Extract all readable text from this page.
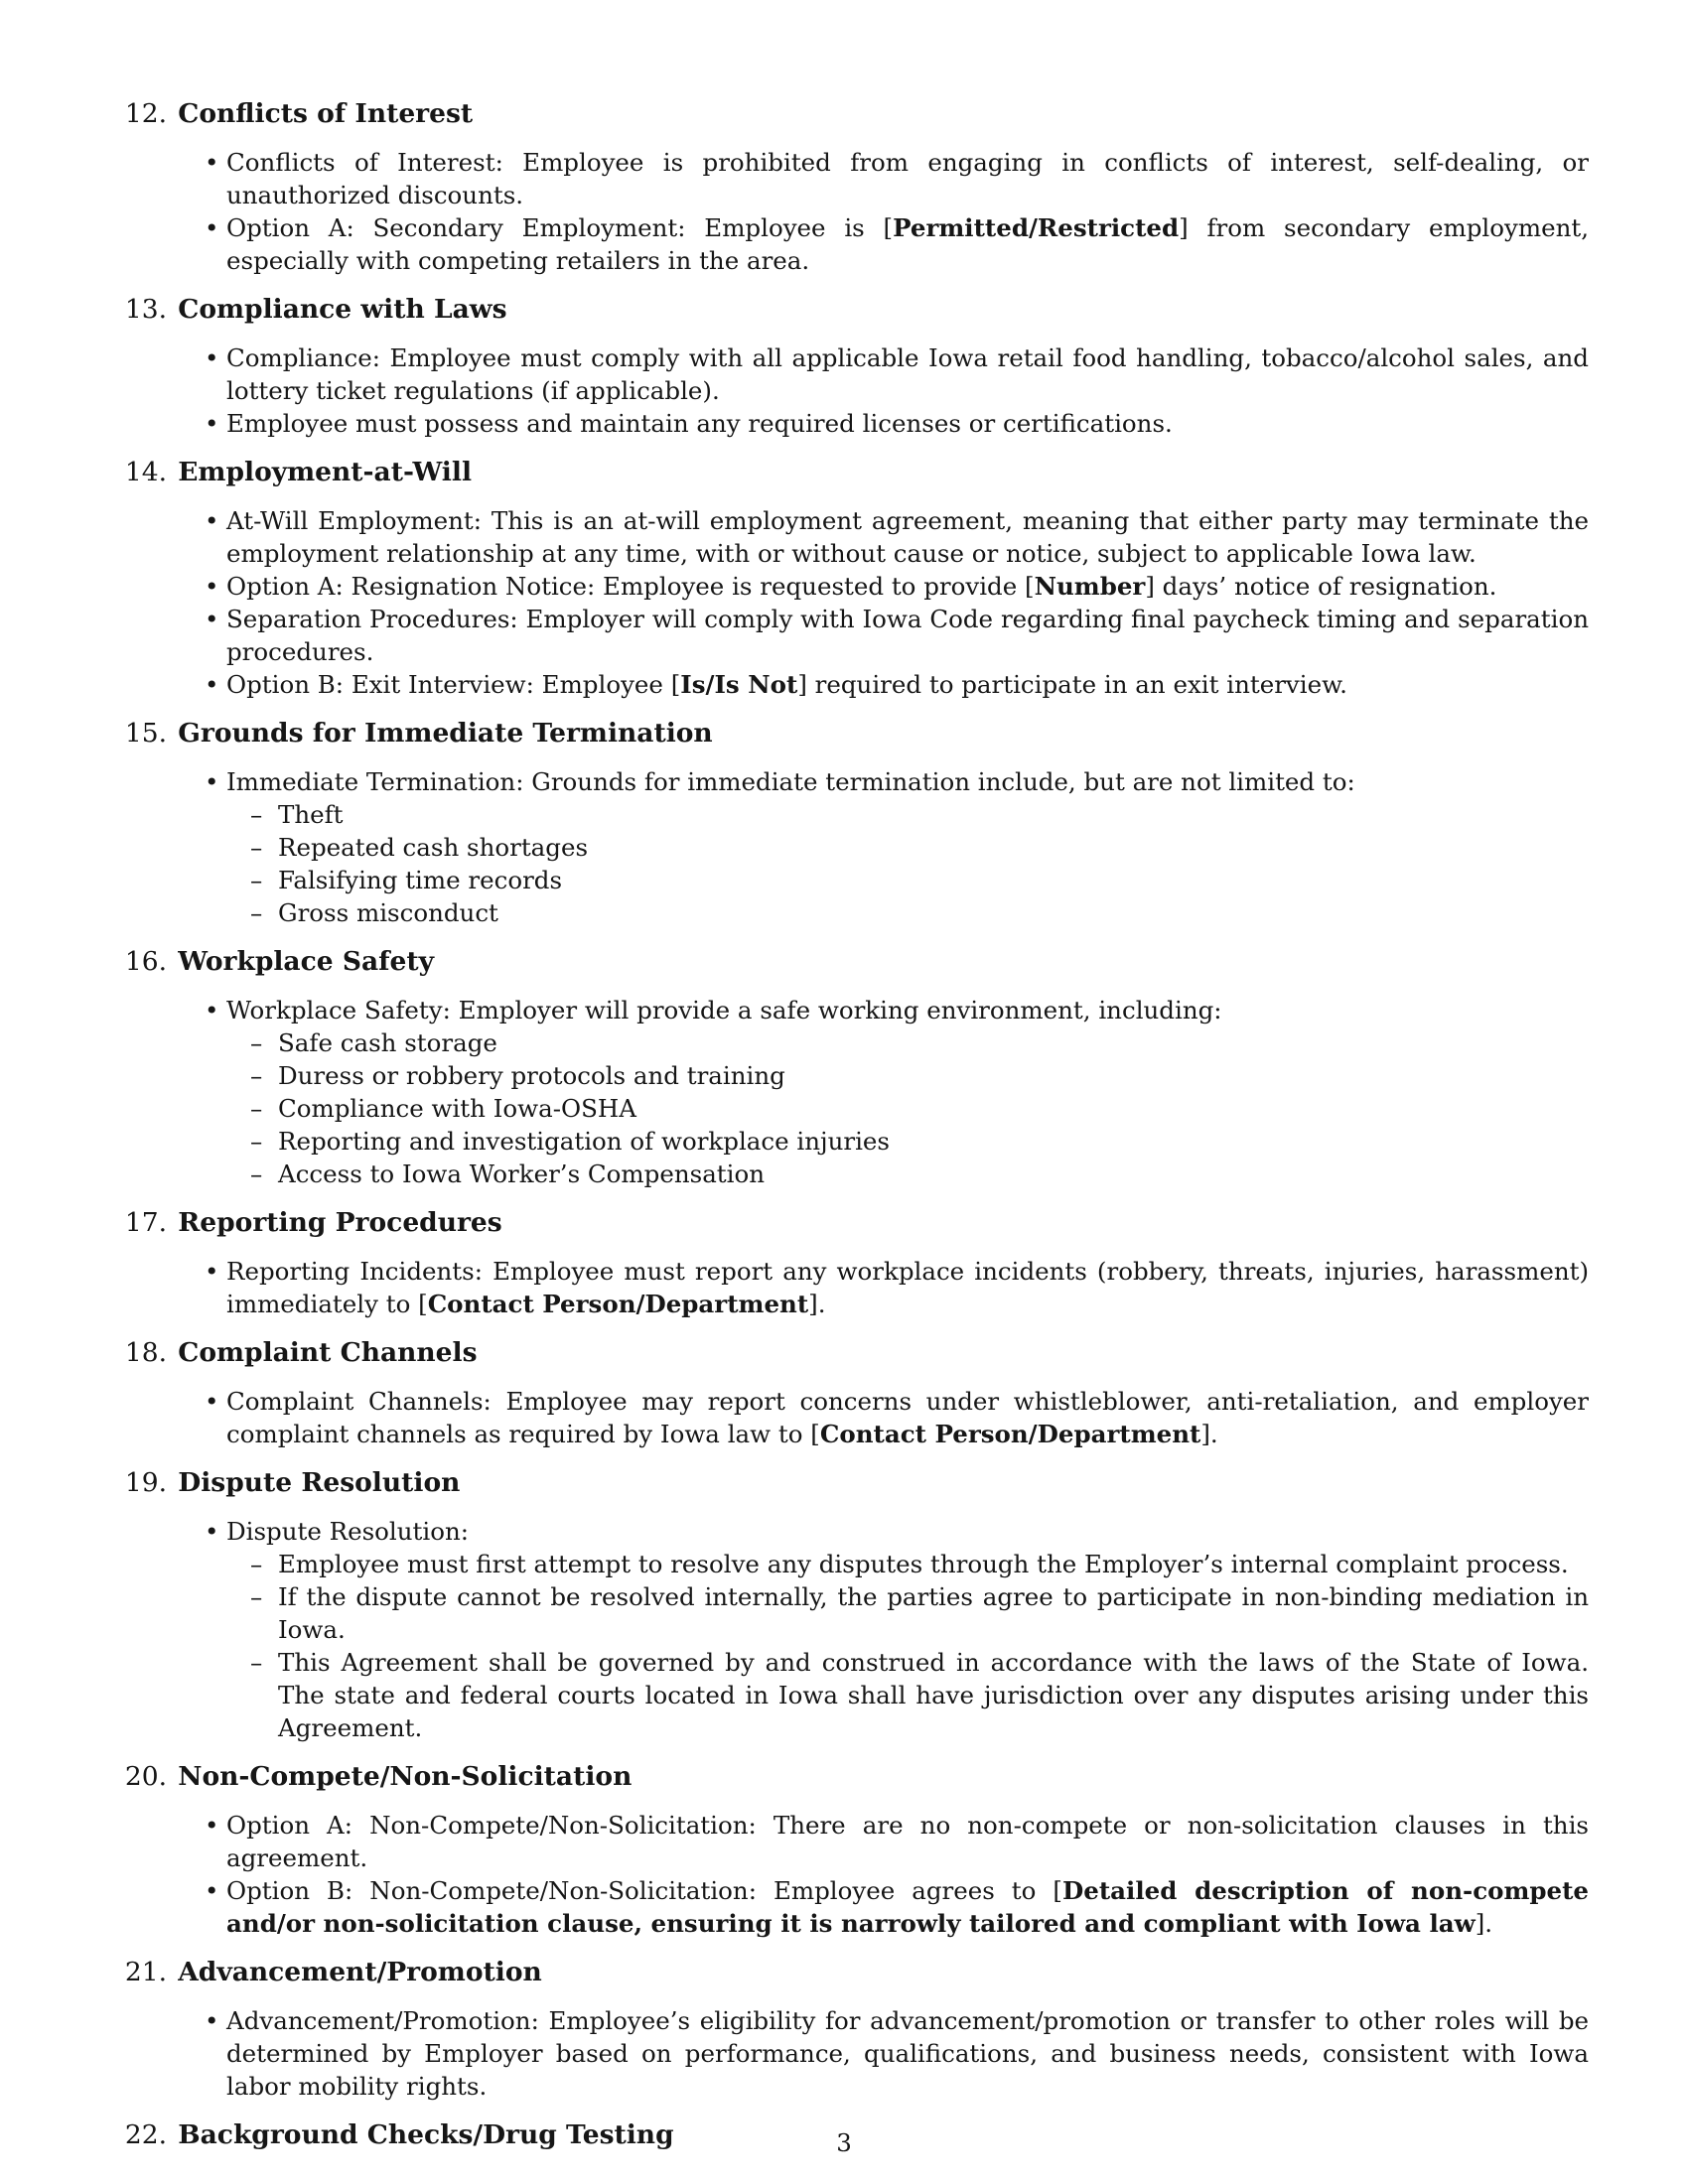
12. Conflicts of Interest
• Conflicts of Interest: Employee is prohibited from engaging in conflicts of interest, self-dealing, or unauthorized discounts.
• Option A: Secondary Employment: Employee is [Permitted/Restricted] from secondary employment, especially with competing retailers in the area.
13. Compliance with Laws
• Compliance: Employee must comply with all applicable Iowa retail food handling, tobacco/alcohol sales, and lottery ticket regulations (if applicable).
• Employee must possess and maintain any required licenses or certifications.
14. Employment-at-Will
• At-Will Employment: This is an at-will employment agreement, meaning that either party may terminate the employment relationship at any time, with or without cause or notice, subject to applicable Iowa law.
• Option A: Resignation Notice: Employee is requested to provide [Number] days’ notice of resignation.
• Separation Procedures: Employer will comply with Iowa Code regarding final paycheck timing and separation procedures.
• Option B: Exit Interview: Employee [Is/Is Not] required to participate in an exit interview.
15. Grounds for Immediate Termination
• Immediate Termination: Grounds for immediate termination include, but are not limited to:
– Theft
– Repeated cash shortages
– Falsifying time records
– Gross misconduct
16. Workplace Safety
• Workplace Safety: Employer will provide a safe working environment, including:
– Safe cash storage
– Duress or robbery protocols and training
– Compliance with Iowa-OSHA
– Reporting and investigation of workplace injuries
– Access to Iowa Worker’s Compensation
17. Reporting Procedures
• Reporting Incidents: Employee must report any workplace incidents (robbery, threats, injuries, harassment) immediately to [Contact Person/Department].
18. Complaint Channels
• Complaint Channels: Employee may report concerns under whistleblower, anti-retaliation, and employer complaint channels as required by Iowa law to [Contact Person/Department].
19. Dispute Resolution
• Dispute Resolution:
– Employee must first attempt to resolve any disputes through the Employer’s internal complaint process.
– If the dispute cannot be resolved internally, the parties agree to participate in non-binding mediation in Iowa.
– This Agreement shall be governed by and construed in accordance with the laws of the State of Iowa. The state and federal courts located in Iowa shall have jurisdiction over any disputes arising under this Agreement.
20. Non-Compete/Non-Solicitation
• Option A: Non-Compete/Non-Solicitation: There are no non-compete or non-solicitation clauses in this agreement.
• Option B: Non-Compete/Non-Solicitation: Employee agrees to [Detailed description of non-compete and/or non-solicitation clause, ensuring it is narrowly tailored and compliant with Iowa law].
21. Advancement/Promotion
• Advancement/Promotion: Employee’s eligibility for advancement/promotion or transfer to other roles will be determined by Employer based on performance, qualifications, and business needs, consistent with Iowa labor mobility rights.
22. Background Checks/Drug Testing	3
